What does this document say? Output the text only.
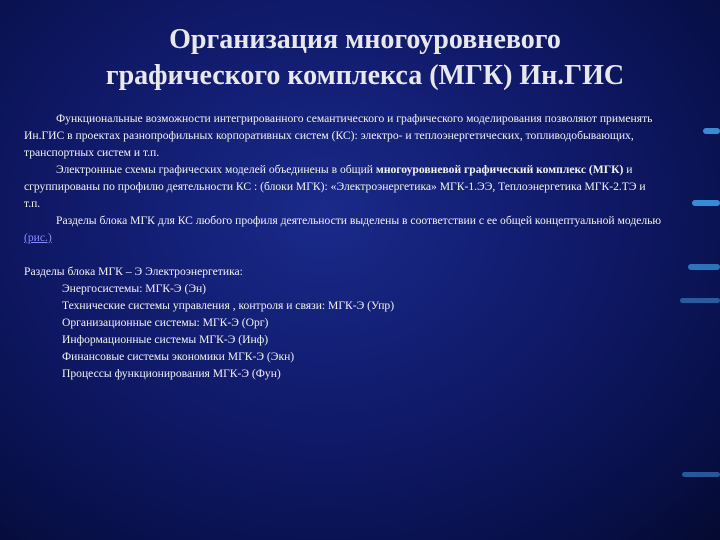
Организация многоуровневого
графического комплекса (МГК) Ин.ГИС

Функциональные возможности интегрированного семантического и графического моделирования позволяют применять Ин.ГИС в проектах разнопрофильных корпоративных систем (КС): электро- и теплоэнергетических, топливодобывающих, транспортных систем и т.п.

Электронные схемы графических моделей объединены в общий многоуровневой графический комплекс (МГК) и сгруппированы по профилю деятельности КС : (блоки МГК): «Электроэнергетика» МГК-1.ЭЭ, Теплоэнергетика МГК-2.ТЭ и т.п.

Разделы блока МГК для КС любого профиля деятельности выделены в соответствии с ее общей концептуальной моделью (рис.)

Разделы блока МГК – Э Электроэнергетика:

Энергосистемы: МГК-Э (Эн)
Технические системы управления , контроля и связи: МГК-Э (Упр)
Организационные системы: МГК-Э (Орг)
Информационные системы МГК-Э (Инф)
Финансовые системы экономики МГК-Э (Экн)
Процессы функционирования МГК-Э (Фун)
